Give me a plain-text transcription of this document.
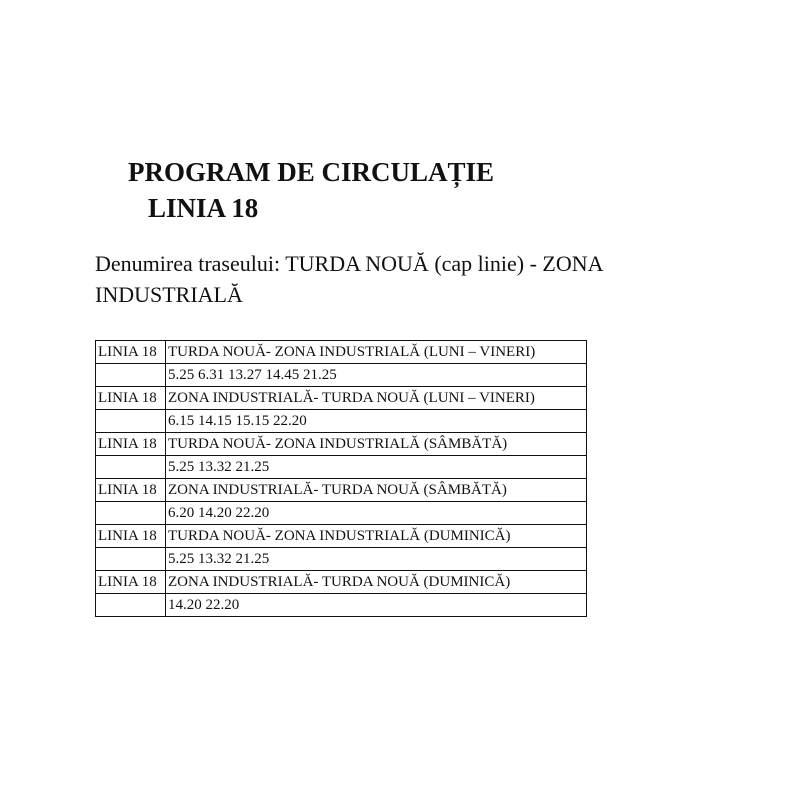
PROGRAM DE CIRCULAȚIE
LINIA 18
Denumirea traseului: TURDA NOUĂ (cap linie) - ZONA INDUSTRIALĂ
LINIA 18	TURDA NOUĂ- ZONA INDUSTRIALĂ (LUNI – VINERI)
	5.25 6.31 13.27 14.45 21.25
LINIA 18	ZONA INDUSTRIALĂ- TURDA NOUĂ (LUNI – VINERI)
	6.15 14.15 15.15 22.20
LINIA 18	TURDA NOUĂ- ZONA INDUSTRIALĂ (SÂMBĂTĂ)
	5.25 13.32 21.25
LINIA 18	ZONA INDUSTRIALĂ- TURDA NOUĂ (SÂMBĂTĂ)
	6.20 14.20 22.20
LINIA 18	TURDA NOUĂ- ZONA INDUSTRIALĂ (DUMINICĂ)
	5.25 13.32 21.25
LINIA 18	ZONA INDUSTRIALĂ- TURDA NOUĂ (DUMINICĂ)
	14.20 22.20
